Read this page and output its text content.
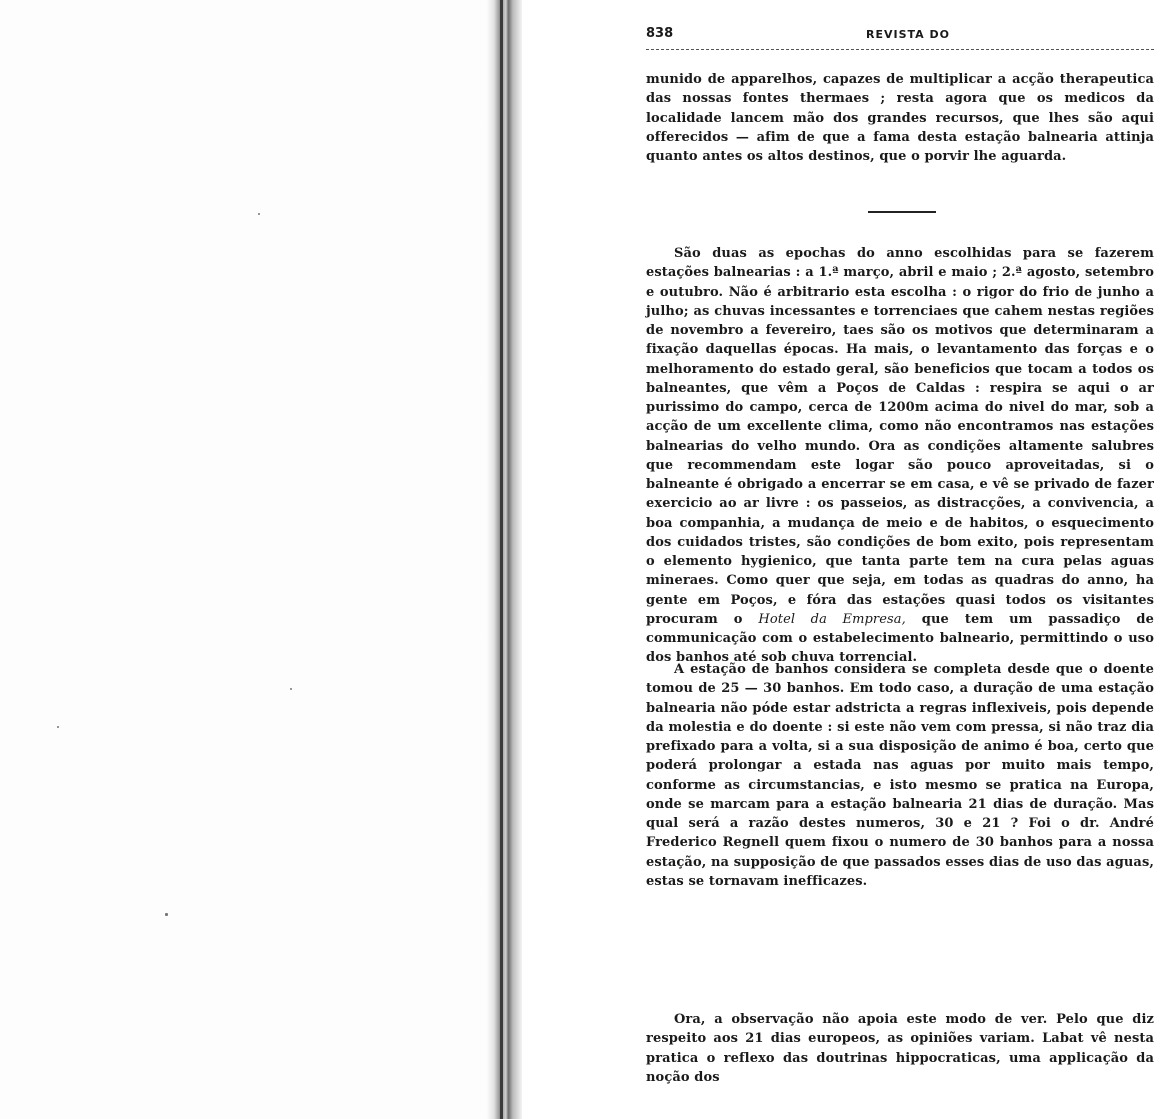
838	REVISTA DO

munido de apparelhos, capazes de multiplicar a acção therapeutica das nossas fontes thermaes ; resta agora que os medicos da localidade lancem mão dos grandes recursos, que lhes são aqui offerecidos — afim de que a fama desta estação balnearia attinja quanto antes os altos destinos, que o porvir lhe aguarda.

São duas as epochas do anno escolhidas para se fazerem estações balnearias : a 1.ª março, abril e maio ; 2.ª agosto, setembro e outubro. Não é arbitrario esta escolha : o rigor do frio de junho a julho; as chuvas incessantes e torrenciaes que cahem nestas regiões de novembro a fevereiro, taes são os motivos que determinaram a fixação daquellas épocas. Ha mais, o levantamento das forças e o melhoramento do estado geral, são beneficios que tocam a todos os balneantes, que vêm a Poços de Caldas : respira se aqui o ar purissimo do campo, cerca de 1200m acima do nivel do mar, sob a acção de um excellente clima, como não encontramos nas estações balnearias do velho mundo. Ora as condições altamente salubres que recommendam este logar são pouco aproveitadas, si o balneante é obrigado a encerrar se em casa, e vê se privado de fazer exercicio ao ar livre : os passeios, as distracções, a convivencia, a boa companhia, a mudança de meio e de habitos, o esquecimento dos cuidados tristes, são condições de bom exito, pois representam o elemento hygienico, que tanta parte tem na cura pelas aguas mineraes. Como quer que seja, em todas as quadras do anno, ha gente em Poços, e fóra das estações quasi todos os visitantes procuram o Hotel da Empresa, que tem um passadiço de communicação com o estabelecimento balneario, permittindo o uso dos banhos até sob chuva torrencial.

A estação de banhos considera se completa desde que o doente tomou de 25 — 30 banhos. Em todo caso, a duração de uma estação balnearia não póde estar adstricta a regras inflexiveis, pois depende da molestia e do doente : si este não vem com pressa, si não traz dia prefixado para a volta, si a sua disposição de animo é boa, certo que poderá prolongar a estada nas aguas por muito mais tempo, conforme as circumstancias, e isto mesmo se pratica na Europa, onde se marcam para a estação balnearia 21 dias de duração. Mas qual será a razão destes numeros, 30 e 21 ? Foi o dr. André Frederico Regnell quem fixou o numero de 30 banhos para a nossa estação, na supposição de que passados esses dias de uso das aguas, estas se tornavam inefficazes.

Ora, a observação não apoia este modo de ver. Pelo que diz respeito aos 21 dias europeos, as opiniões variam. Labat vê nesta pratica o reflexo das doutrinas hippocraticas, uma applicação da noção dos
